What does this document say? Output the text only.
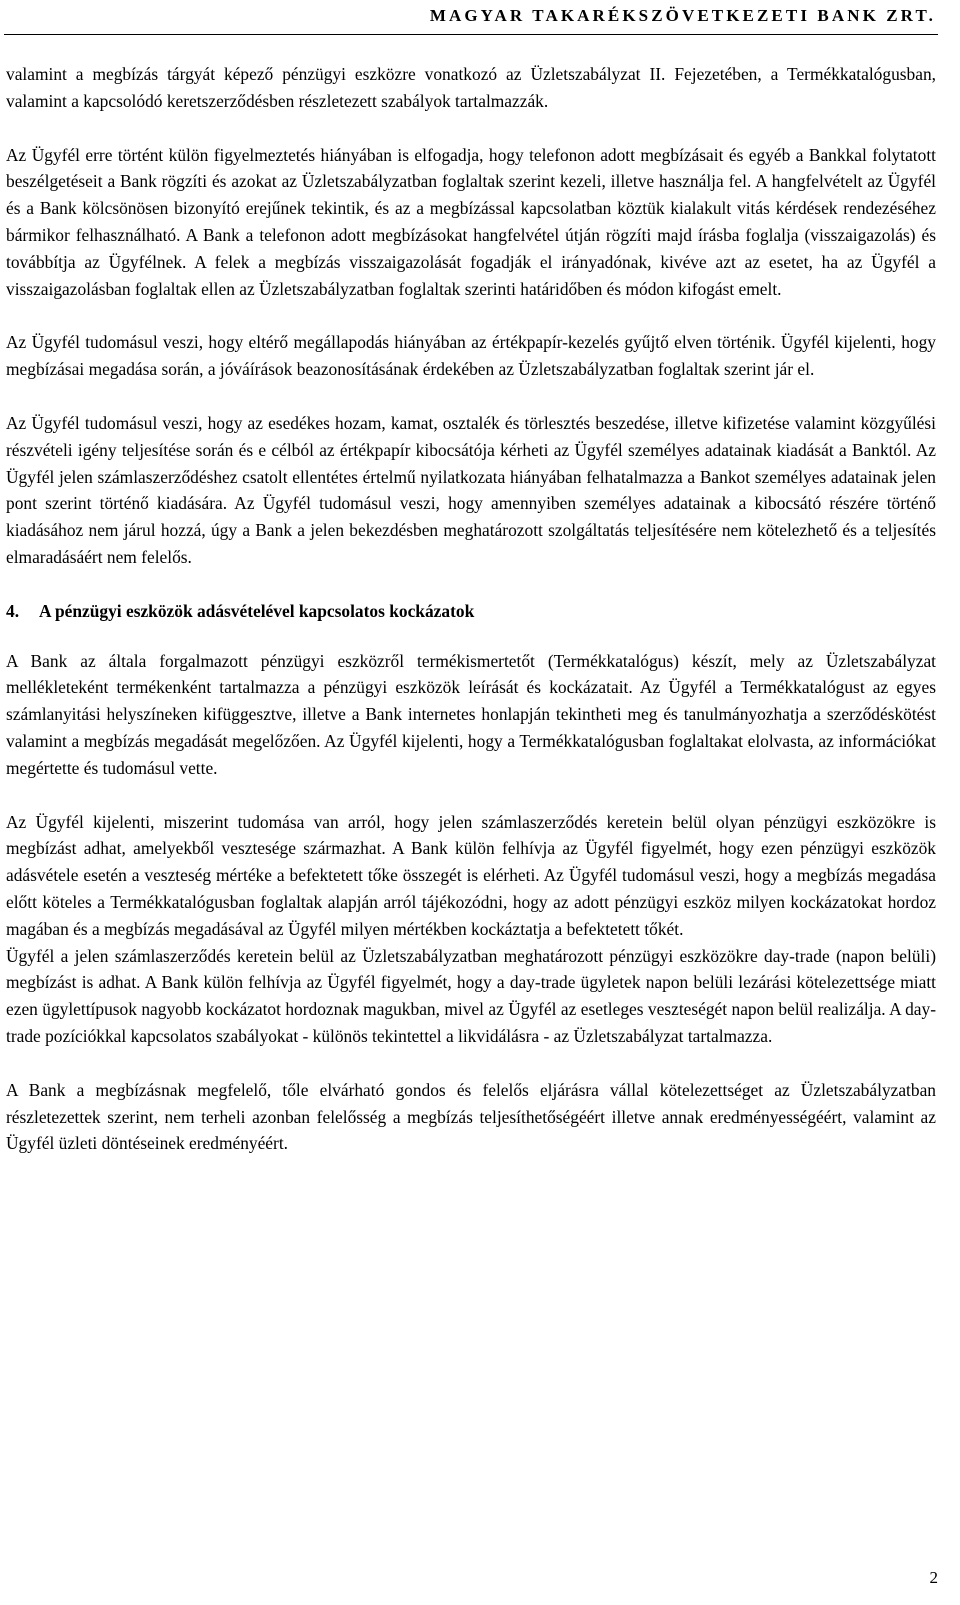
MAGYAR TAKARÉKSZÖVETKEZETI BANK ZRT.

valamint a megbízás tárgyát képező pénzügyi eszközre vonatkozó az Üzletszabályzat II. Fejezetében, a Termékkatalógusban, valamint a kapcsolódó keretszerződésben részletezett szabályok tartalmazzák.

Az Ügyfél erre történt külön figyelmeztetés hiányában is elfogadja, hogy telefonon adott megbízásait és egyéb a Bankkal folytatott beszélgetéseit a Bank rögzíti és azokat az Üzletszabályzatban foglaltak szerint kezeli, illetve használja fel. A hangfelvételt az Ügyfél és a Bank kölcsönösen bizonyító erejűnek tekintik, és az a megbízással kapcsolatban köztük kialakult vitás kérdések rendezéséhez bármikor felhasználható. A Bank a telefonon adott megbízásokat hangfelvétel útján rögzíti majd írásba foglalja (visszaigazolás) és továbbítja az Ügyfélnek. A felek a megbízás visszaigazolását fogadják el irányadónak, kivéve azt az esetet, ha az Ügyfél a visszaigazolásban foglaltak ellen az Üzletszabályzatban foglaltak szerinti határidőben és módon kifogást emelt.

Az Ügyfél tudomásul veszi, hogy eltérő megállapodás hiányában az értékpapír-kezelés gyűjtő elven történik. Ügyfél kijelenti, hogy megbízásai megadása során, a jóváírások beazonosításának érdekében az Üzletszabályzatban foglaltak szerint jár el.

Az Ügyfél tudomásul veszi, hogy az esedékes hozam, kamat, osztalék és törlesztés beszedése, illetve kifizetése valamint közgyűlési részvételi igény teljesítése során és e célból az értékpapír kibocsátója kérheti az Ügyfél személyes adatainak kiadását a Banktól. Az Ügyfél jelen számlaszerződéshez csatolt ellentétes értelmű nyilatkozata hiányában felhatalmazza a Bankot személyes adatainak jelen pont szerint történő kiadására. Az Ügyfél tudomásul veszi, hogy amennyiben személyes adatainak a kibocsátó részére történő kiadásához nem járul hozzá, úgy a Bank a jelen bekezdésben meghatározott szolgáltatás teljesítésére nem kötelezhető és a teljesítés elmaradásáért nem felelős.

4. A pénzügyi eszközök adásvételével kapcsolatos kockázatok

A Bank az általa forgalmazott pénzügyi eszközről termékismertetőt (Termékkatalógus) készít, mely az Üzletszabályzat mellékleteként termékenként tartalmazza a pénzügyi eszközök leírását és kockázatait. Az Ügyfél a Termékkatalógust az egyes számlanyitási helyszíneken kifüggesztve, illetve a Bank internetes honlapján tekintheti meg és tanulmányozhatja a szerződéskötést valamint a megbízás megadását megelőzően. Az Ügyfél kijelenti, hogy a Termékkatalógusban foglaltakat elolvasta, az információkat megértette és tudomásul vette.

Az Ügyfél kijelenti, miszerint tudomása van arról, hogy jelen számlaszerződés keretein belül olyan pénzügyi eszközökre is megbízást adhat, amelyekből vesztesége származhat. A Bank külön felhívja az Ügyfél figyelmét, hogy ezen pénzügyi eszközök adásvétele esetén a veszteség mértéke a befektetett tőke összegét is elérheti. Az Ügyfél tudomásul veszi, hogy a megbízás megadása előtt köteles a Termékkatalógusban foglaltak alapján arról tájékozódni, hogy az adott pénzügyi eszköz milyen kockázatokat hordoz magában és a megbízás megadásával az Ügyfél milyen mértékben kockáztatja a befektetett tőkét.

Ügyfél a jelen számlaszerződés keretein belül az Üzletszabályzatban meghatározott pénzügyi eszközökre day-trade (napon belüli) megbízást is adhat. A Bank külön felhívja az Ügyfél figyelmét, hogy a day-trade ügyletek napon belüli lezárási kötelezettsége miatt ezen ügylettípusok nagyobb kockázatot hordoznak magukban, mivel az Ügyfél az esetleges veszteségét napon belül realizálja. A day-trade pozíciókkal kapcsolatos szabályokat - különös tekintettel a likvidálásra - az Üzletszabályzat tartalmazza.

A Bank a megbízásnak megfelelő, tőle elvárható gondos és felelős eljárásra vállal kötelezettséget az Üzletszabályzatban részletezettek szerint, nem terheli azonban felelősség a megbízás teljesíthetőségéért illetve annak eredményességéért, valamint az Ügyfél üzleti döntéseinek eredményéért.

2
